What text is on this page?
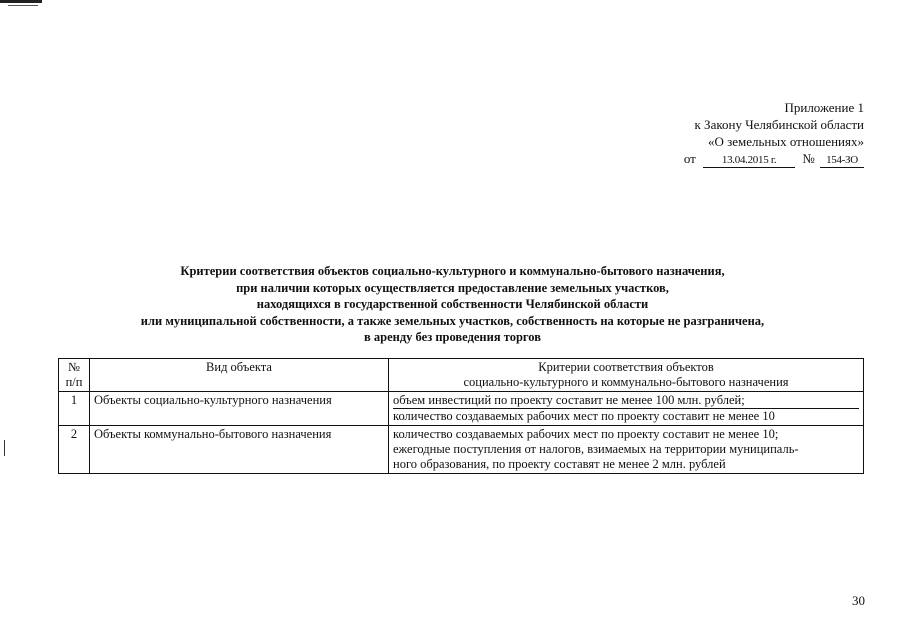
Приложение 1
к Закону Челябинской области
«О земельных отношениях»
от 13.04.2015 г. № 154-ЗО
Критерии соответствия объектов социально-культурного и коммунально-бытового назначения,
при наличии которых осуществляется предоставление земельных участков,
находящихся в государственной собственности Челябинской области
или муниципальной собственности, а также земельных участков, собственность на которые не разграничена,
в аренду без проведения торгов
№
п/п	Вид объекта	Критерии соответствия объектов
социально-культурного и коммунально-бытового назначения

1	Объекты социально-культурного назначения	объем инвестиций по проекту составит не менее 100 млн. рублей;
количество создаваемых рабочих мест по проекту составит не менее 10

2	Объекты коммунально-бытового назначения	количество создаваемых рабочих мест по проекту составит не менее 10;
ежегодные поступления от налогов, взимаемых на территории муниципаль-
ного образования, по проекту составят не менее 2 млн. рублей
30
